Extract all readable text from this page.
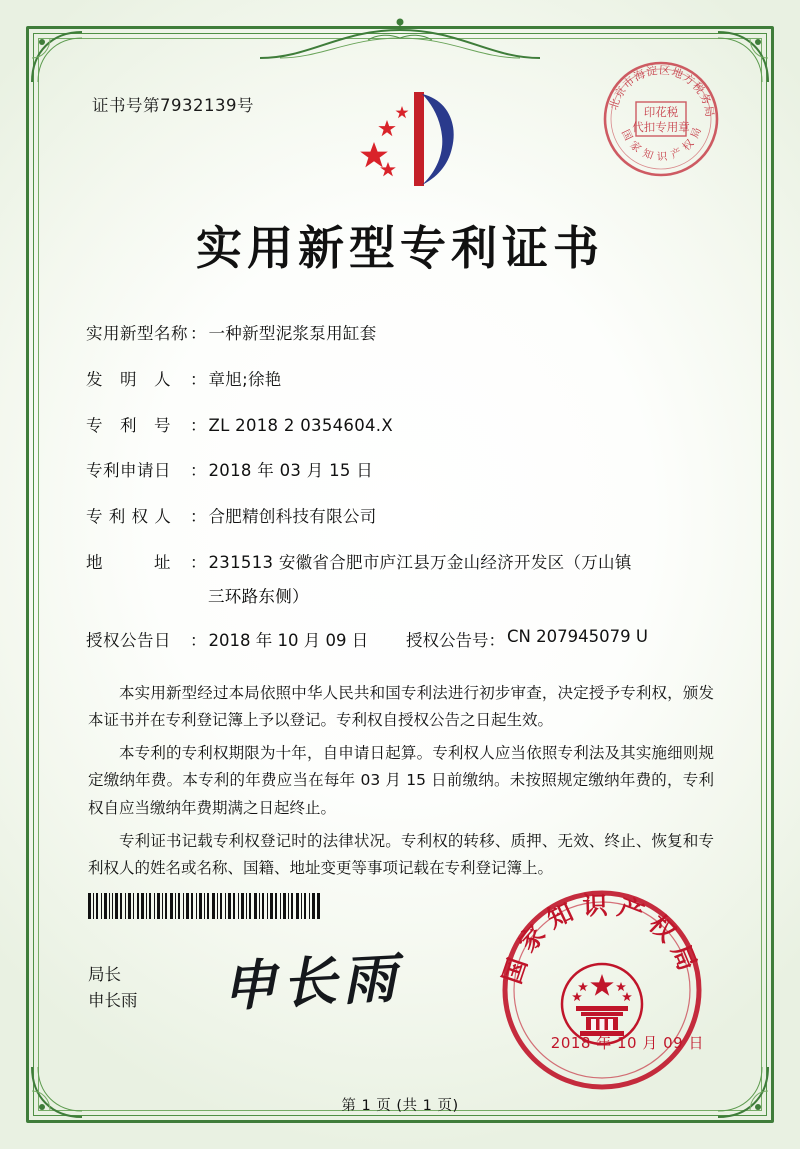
证书号第7932139号	北京市海淀区地方税务局
国 家 知 识 产 权 局
印花税
代扣专用章
实用新型专利证书
实用新型名称 ： 一种新型泥浆泵用缸套
发　明　人	： 章旭;徐艳
专　利　号	： ZL 2018 2 0354604.X
专利申请日	： 2018 年 03 月 15 日
专 利 权 人	： 合肥精创科技有限公司
地　　　址	： 231513 安徽省合肥市庐江县万金山经济开发区（万山镇
三环路东侧）
授权公告日	： 2018 年 10 月 09 日 授权公告号 ： CN 207945079 U

本实用新型经过本局依照中华人民共和国专利法进行初步审查，决定授予专利权，颁发本证书并在专利登记簿上予以登记。专利权自授权公告之日起生效。

本专利的专利权期限为十年，自申请日起算。专利权人应当依照专利法及其实施细则规定缴纳年费。本专利的年费应当在每年 03 月 15 日前缴纳。未按照规定缴纳年费的，专利权自应当缴纳年费期满之日起终止。

专利证书记载专利权登记时的法律状况。专利权的转移、质押、无效、终止、恢复和专利权人的姓名或名称、国籍、地址变更等事项记载在专利登记簿上。

局长
申长雨 申长雨	国家知识产权局
2018 年 10 月 09 日
第 1 页 (共 1 页)
